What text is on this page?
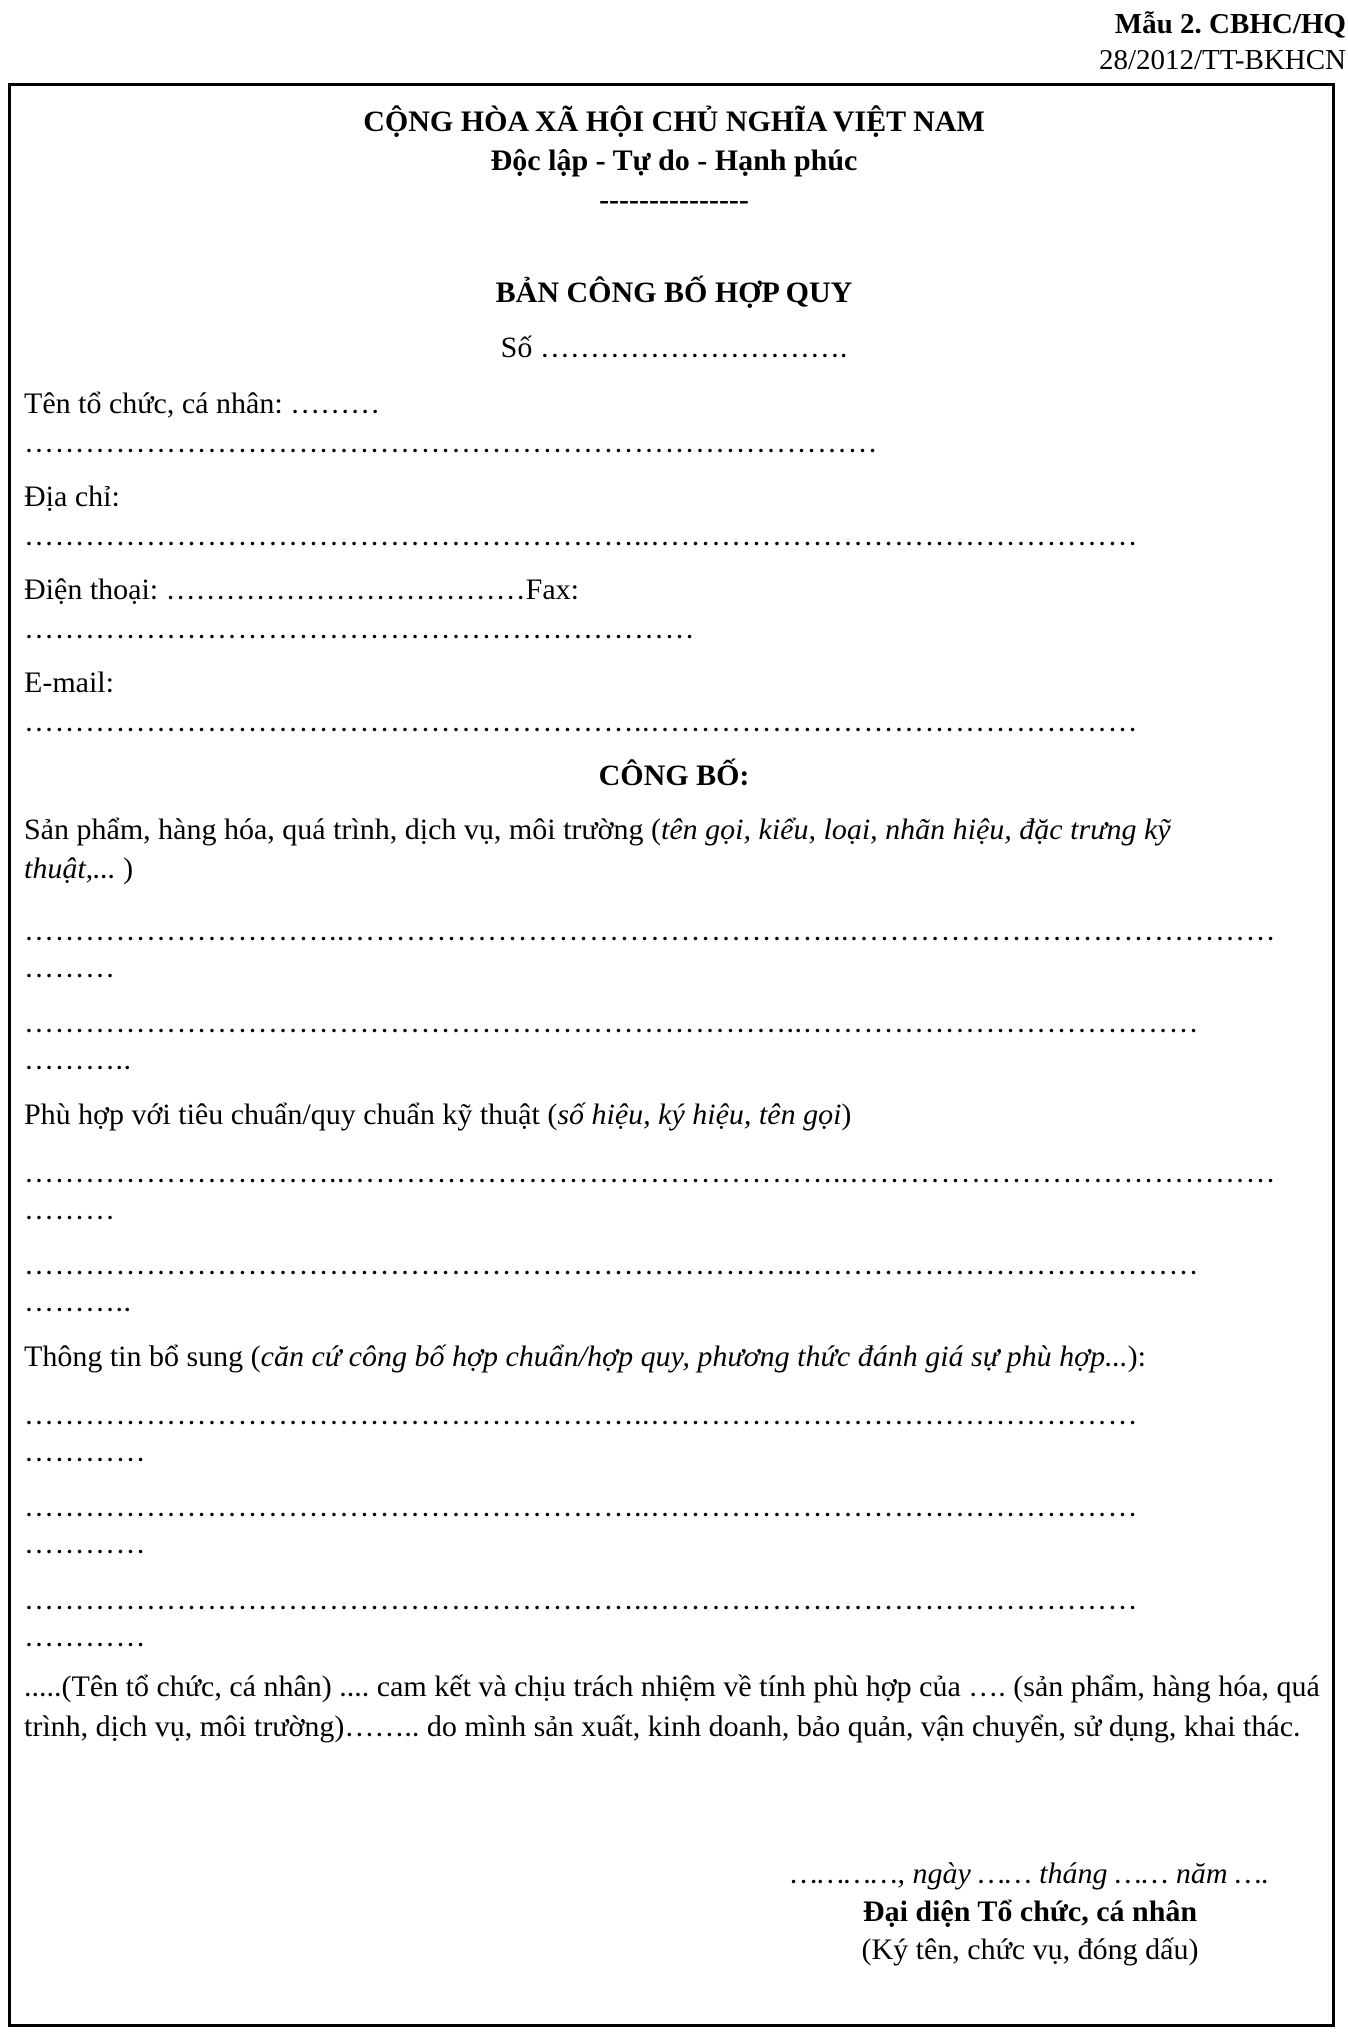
Mẫu 2. CBHC/HQ
28/2012/TT-BKHCN
CỘNG HÒA XÃ HỘI CHỦ NGHĨA VIỆT NAM
Độc lập - Tự do - Hạnh phúc
---------------
BẢN CÔNG BỐ HỢP QUY
Số ………………………….
Tên tổ chức, cá nhân: ………
…………………………………………………………………………
Địa chỉ:
……………………………………………………..…………………………………………
Điện thoại: ………………………………Fax:
…………………………………………………………
E-mail:
……………………………………………………..…………………………………………
CÔNG BỐ:
Sản phẩm, hàng hóa, quá trình, dịch vụ, môi trường (tên gọi, kiểu, loại, nhãn hiệu, đặc trưng kỹ
thuật,... )
…………………………..…………………………………………..……………………………………
………
…………………………………………………………………..…………………………………
………..
Phù hợp với tiêu chuẩn/quy chuẩn kỹ thuật (số hiệu, ký hiệu, tên gọi)
…………………………..…………………………………………..……………………………………
………
…………………………………………………………………..…………………………………
………..
Thông tin bổ sung (căn cứ công bố hợp chuẩn/hợp quy, phương thức đánh giá sự phù hợp...):
……………………………………………………..…………………………………………
…………
……………………………………………………..…………………………………………
…………
……………………………………………………..…………………………………………
…………
.....(Tên tổ chức, cá nhân) .... cam kết và chịu trách nhiệm về tính phù hợp của …. (sản phẩm, hàng hóa, quá trình, dịch vụ, môi trường)…….. do mình sản xuất, kinh doanh, bảo quản, vận chuyển, sử dụng, khai thác.
…………, ngày …… tháng …… năm ….
Đại diện Tổ chức, cá nhân
(Ký tên, chức vụ, đóng dấu)
